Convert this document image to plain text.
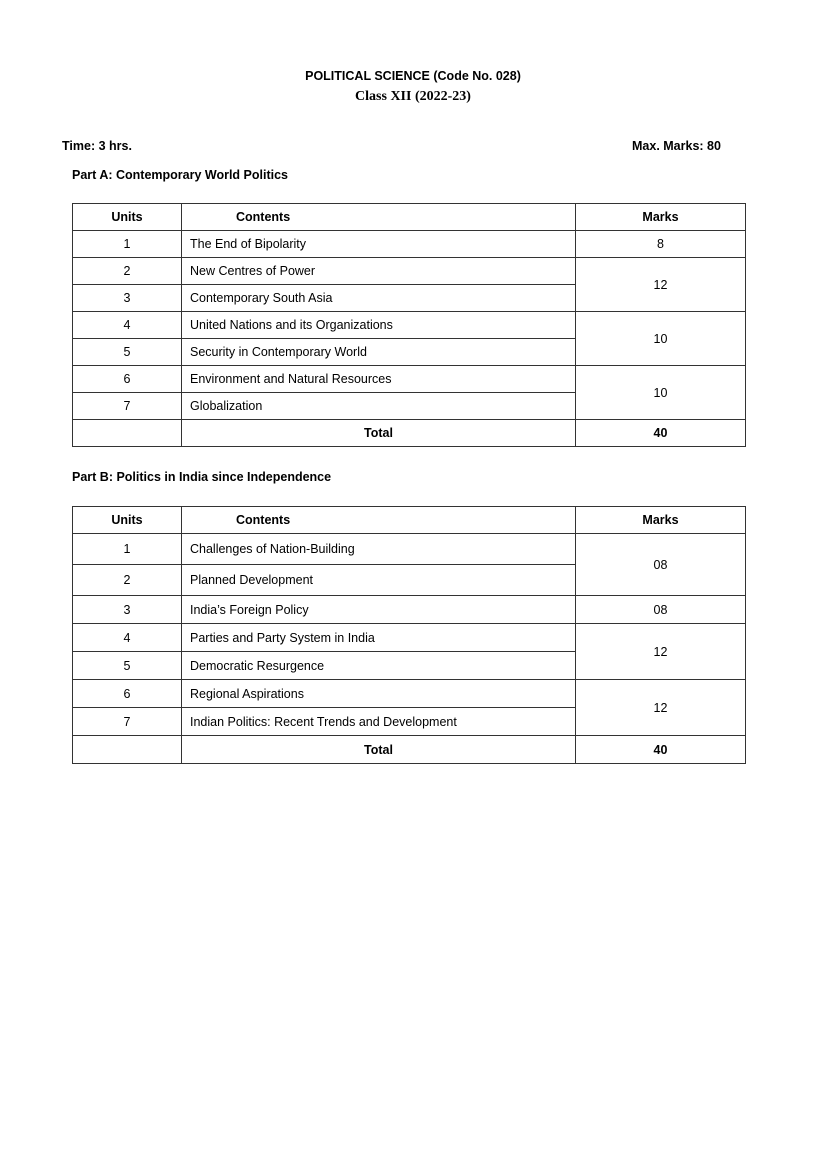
POLITICAL SCIENCE (Code No. 028)
Class XII (2022-23)
Time: 3 hrs.	Max. Marks: 80
Part A: Contemporary World Politics
Units	Contents	Marks
1	The End of Bipolarity	8
2	New Centres of Power	12
3	Contemporary South Asia	
4	United Nations and its Organizations	10
5	Security in Contemporary World	
6	Environment and Natural Resources	10
7	Globalization	
	Total	40
Part B: Politics in India since Independence
Units	Contents	Marks
1	Challenges of Nation-Building	08
2	Planned Development	
3	India’s Foreign Policy	08
4	Parties and Party System in India	12
5	Democratic Resurgence	
6	Regional Aspirations	12
7	Indian Politics: Recent Trends and Development	
	Total	40
